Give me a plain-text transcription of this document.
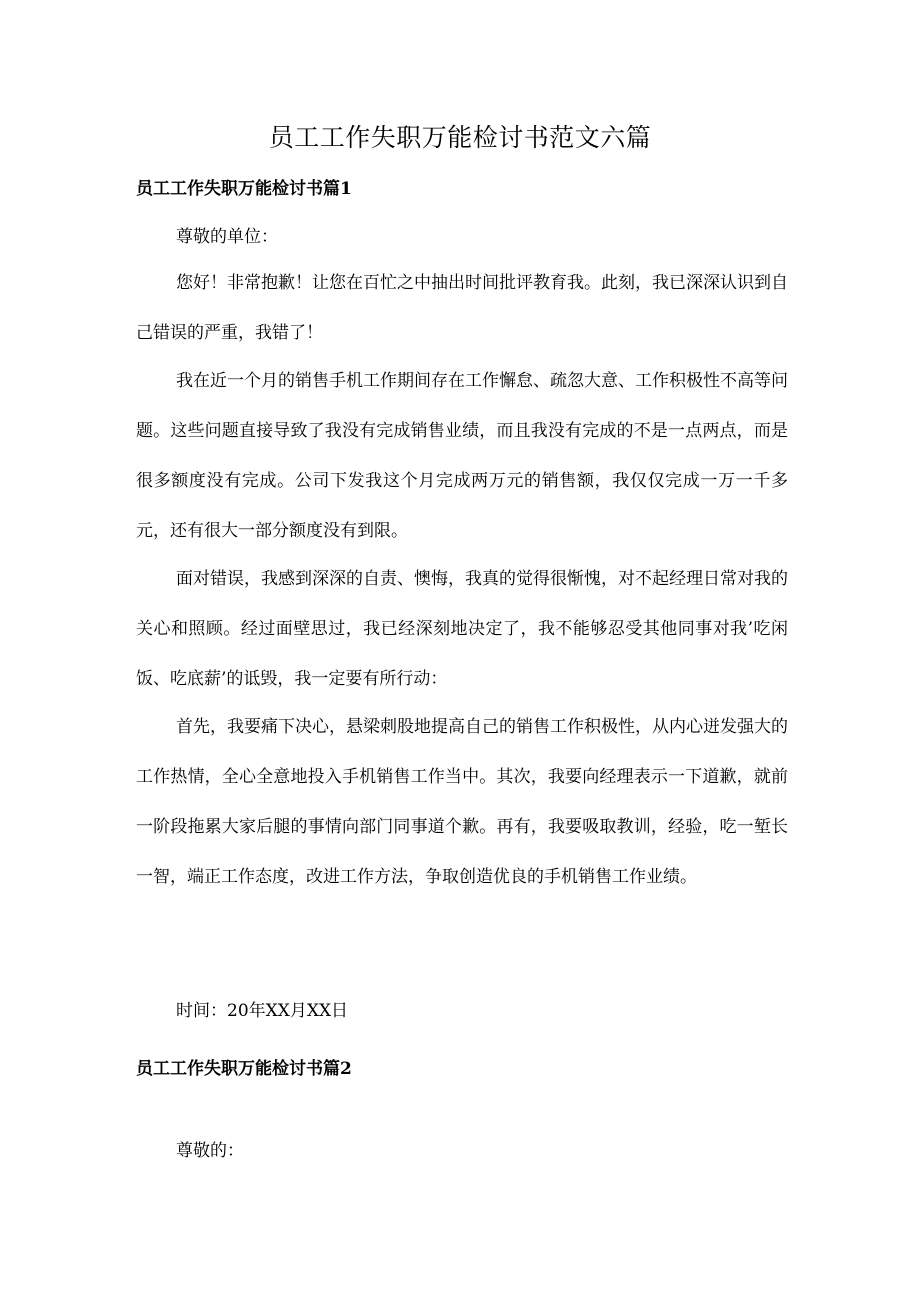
员工工作失职万能检讨书范文六篇
员工工作失职万能检讨书篇1

尊敬的单位：

您好！非常抱歉！让您在百忙之中抽出时间批评教育我。此刻，我已深深认识到自己错误的严重，我错了！

我在近一个月的销售手机工作期间存在工作懈怠、疏忽大意、工作积极性不高等问题。这些问题直接导致了我没有完成销售业绩，而且我没有完成的不是一点两点，而是很多额度没有完成。公司下发我这个月完成两万元的销售额，我仅仅完成一万一千多元，还有很大一部分额度没有到限。

面对错误，我感到深深的自责、懊悔，我真的觉得很惭愧，对不起经理日常对我的关心和照顾。经过面壁思过，我已经深刻地决定了，我不能够忍受其他同事对我’吃闲饭、吃底薪’的诋毁，我一定要有所行动：

首先，我要痛下决心，悬梁刺股地提高自己的销售工作积极性，从内心迸发强大的工作热情，全心全意地投入手机销售工作当中。其次，我要向经理表示一下道歉，就前一阶段拖累大家后腿的事情向部门同事道个歉。再有，我要吸取教训，经验，吃一堑长一智，端正工作态度，改进工作方法，争取创造优良的手机销售工作业绩。

时间：20年XX月XX日

员工工作失职万能检讨书篇2

尊敬的：
